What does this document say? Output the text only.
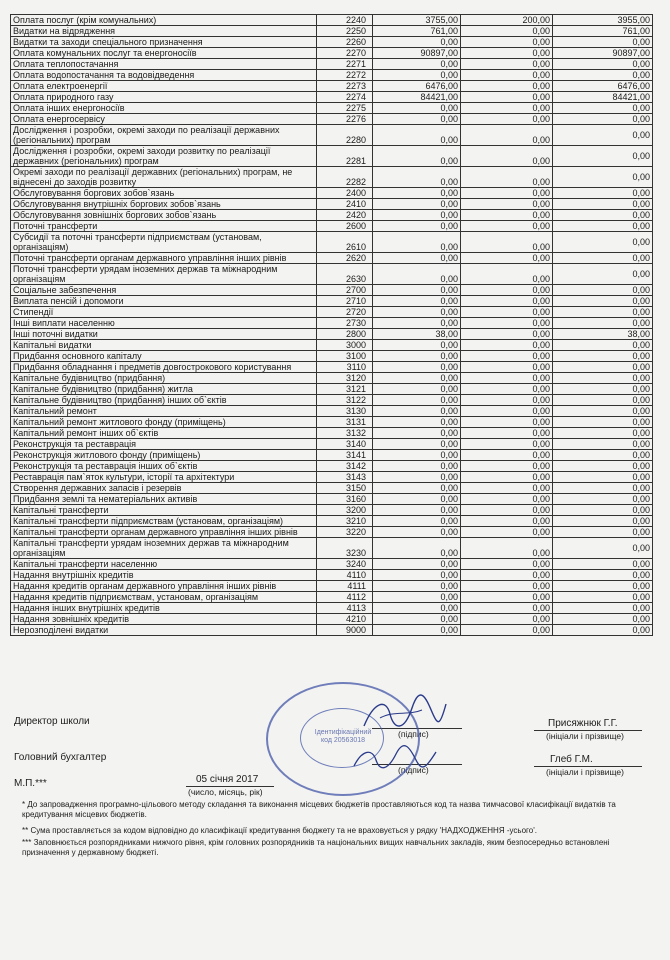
Оплата послуг (крім комунальних)	2240	3755,00	200,00	3955,00
Видатки на відрядження	2250	761,00	0,00	761,00
Видатки та заходи спеціального призначення	2260	0,00	0,00	0,00
Оплата комунальних послуг та енергоносіїв	2270	90897,00	0,00	90897,00
Оплата теплопостачання	2271	0,00	0,00	0,00
Оплата водопостачання та водовідведення	2272	0,00	0,00	0,00
Оплата електроенергії	2273	6476,00	0,00	6476,00
Оплата природного газу	2274	84421,00	0,00	84421,00
Оплата інших енергоносіїв	2275	0,00	0,00	0,00
Оплата енергосервісу	2276	0,00	0,00	0,00
Дослідження і розробки, окремі заходи по реалізації державних (регіональних) програм	2280	0,00	0,00	0,00
Дослідження і розробки, окремі заходи розвитку по реалізації державних (регіональних) програм	2281	0,00	0,00	0,00
Окремі заходи по реалізації державних (регіональних) програм, не віднесені до заходів розвитку	2282	0,00	0,00	0,00
Обслуговування боргових зобов`язань	2400	0,00	0,00	0,00
Обслуговування внутрішніх боргових зобов`язань	2410	0,00	0,00	0,00
Обслуговування зовнішніх боргових зобов`язань	2420	0,00	0,00	0,00
Поточні трансферти	2600	0,00	0,00	0,00
Субсидії та поточні трансферти підприємствам (установам, організаціям)	2610	0,00	0,00	0,00
Поточні трансферти органам державного управління інших рівнів	2620	0,00	0,00	0,00
Поточні трансферти урядам іноземних держав та міжнародним організаціям	2630	0,00	0,00	0,00
Соціальне забезпечення	2700	0,00	0,00	0,00
Виплата пенсій і допомоги	2710	0,00	0,00	0,00
Стипендії	2720	0,00	0,00	0,00
Інші виплати населенню	2730	0,00	0,00	0,00
Інші поточні видатки	2800	38,00	0,00	38,00
Капітальні видатки	3000	0,00	0,00	0,00
Придбання основного капіталу	3100	0,00	0,00	0,00
Придбання обладнання і предметів довгострокового користування	3110	0,00	0,00	0,00
Капітальне будівництво (придбання)	3120	0,00	0,00	0,00
Капітальне будівництво (придбання) житла	3121	0,00	0,00	0,00
Капітальне будівництво (придбання) інших об`єктів	3122	0,00	0,00	0,00
Капітальний ремонт	3130	0,00	0,00	0,00
Капітальний ремонт житлового фонду (приміщень)	3131	0,00	0,00	0,00
Капітальний ремонт інших об`єктів	3132	0,00	0,00	0,00
Реконструкція та реставрація	3140	0,00	0,00	0,00
Реконструкція житлового фонду (приміщень)	3141	0,00	0,00	0,00
Реконструкція та реставрація інших об`єктів	3142	0,00	0,00	0,00
Реставрація пам`яток культури, історії та архітектури	3143	0,00	0,00	0,00
Створення державних запасів і резервів	3150	0,00	0,00	0,00
Придбання землі та нематеріальних активів	3160	0,00	0,00	0,00
Капітальні трансферти	3200	0,00	0,00	0,00
Капітальні трансферти підприємствам (установам, організаціям)	3210	0,00	0,00	0,00
Капітальні трансферти органам державного управління інших рівнів	3220	0,00	0,00	0,00
Капітальні трансферти урядам іноземних держав та міжнародним організаціям	3230	0,00	0,00	0,00
Капітальні трансферти населенню	3240	0,00	0,00	0,00
Надання внутрішніх кредитів	4110	0,00	0,00	0,00
Надання кредитів органам державного управління інших рівнів	4111	0,00	0,00	0,00
Надання кредитів підприємствам, установам, організаціям	4112	0,00	0,00	0,00
Надання інших внутрішніх кредитів	4113	0,00	0,00	0,00
Надання зовнішніх кредитів	4210	0,00	0,00	0,00
Нерозподілені видатки	9000	0,00	0,00	0,00
Директор школи
(підпис)
Присяжнюк Г.Г.
(ініціали і прізвище)
Головний бухгалтер
(підпис)
Глеб Г.М.
(ініціали і прізвище)
М.П.***	05 січня 2017
(число, місяць, рік)
Ідентифікаційний
код 20563018
* До запровадження програмно-цільового методу складання та виконання місцевих бюджетів проставляються код та назва тимчасової класифікації видатків та кредитування місцевих бюджетів.
** Сума проставляється за кодом відповідно до класифікації кредитування бюджету та не враховується у рядку 'НАДХОДЖЕННЯ -усього'.
*** Заповнюється розпорядниками нижчого рівня, крім головних розпорядників та національних вищих навчальних закладів, яким безпосередньо встановлені призначення у державному бюджеті.
